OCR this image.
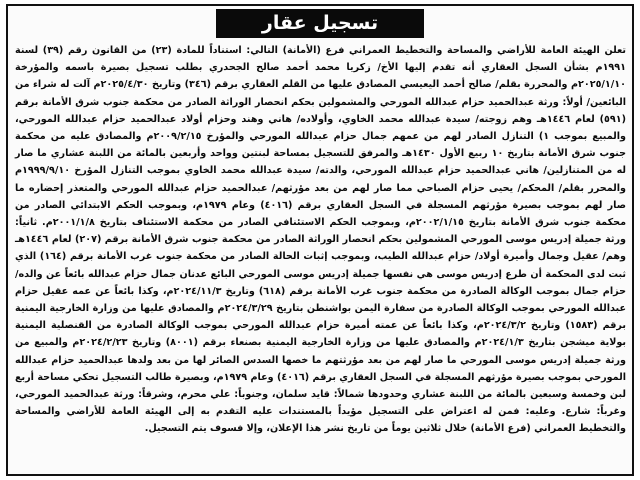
تسجيل عقار

تعلن الهيئة العامة للأراضي والمساحة والتخطيط العمراني فرع (الأمانة) التالي: استناداً للمادة (٢٣) من القانون رقم (٣٩) لسنة ١٩٩١م بشأن السجل العقاري أنه تقدم إليها الأخ/ زكريا محمد أحمد صالح الجحدري بطلب تسجيل بصيرة باسمه والمؤرخة ٢٠٢٥/١/١٠م والمحررة بقلم/ صالح أحمد اليعيسي المصادق عليها من القلم العقاري برقم (٣٤٦) وتاريخ ٢٠٢٥/٤/٣٠م آلت له شراء من البائعين/ أولاً: ورثة عبدالحميد حزام عبدالله المورحي والمشمولين بحكم انحصار الوراثة الصادر من محكمة جنوب شرق الأمانة برقم (٥٩١) لعام ١٤٤٦هـ وهم زوجته/ سيدة عبدالله محمد الخاوي، وأولاده/ هاني وهند وحزام أولاد عبدالحميد حزام عبدالله المورحي، والمبيع بموجب ١) التنازل الصادر لهم من عمهم جمال حزام عبدالله المورحي والمؤرخ ٢٠٠٩/٢/١٥م والمصادق عليه من محكمة جنوب شرق الأمانة بتاريخ ١٠ ربيع الأول ١٤٣٠هـ والمرفق للتسجيل بمساحة لبنتين وواحد وأربعين بالمائة من اللبنة عشاري ما صار له من المتنازلين/ هاني عبدالحميد حزام عبدالله المورحي، والدته/ سيدة عبدالله محمد الخاوي بموجب التنازل المؤرخ ١٩٩٩/٩/١٠م والمحرر بقلم/ المحكم/ يحيى حزام الصباحي مما صار لهم من بعد مؤرثهم/ عبدالحميد حزام عبدالله المورحي والمتعذر إحضاره ما صار لهم بموجب بصيرة مؤرثهم المسجلة في السجل العقاري برقم (٤٠١٦) وعام ١٩٧٩م، وبموجب الحكم الابتدائي الصادر من محكمة جنوب شرق الأمانة بتاريخ ٢٠٠٢/١/١٥م، وبموجب الحكم الاستئنافي الصادر من محكمة الاستئناف بتاريخ ٢٠٠١/١/٨م. ثانياً: ورثة جميلة إدريس موسى المورحي المشمولين بحكم انحصار الوراثة الصادر من محكمة جنوب شرق الأمانة برقم (٢٠٧) لعام ١٤٤٦هـ وهم/ عقيل وجمال وأميرة أولاد/ حزام عبدالله الطيب، وبموجب إثبات الحالة الصادر من محكمة جنوب غرب الأمانة برقم (١٦٤) الذي ثبت لدى المحكمة أن طرع إدريس موسى هي نفسها جميلة إدريس موسى المورحي البائع عدنان جمال حزام عبدالله بائعاً عن والده/ حزام جمال بموجب الوكالة الصادرة من محكمة جنوب غرب الأمانة برقم (٦١٨) وتاريخ ٢٠٢٤/١١/٣م، وكذا بائعاً عن عمه عقيل حزام عبدالله المورحي بموجب الوكالة الصادرة من سفارة اليمن بواشنطن بتاريخ ٢٠٢٤/٣/٢٩م والمصادق عليها من وزارة الخارجية اليمنية برقم (١٥٨٣) وتاريخ ٢٠٢٤/٣/٢م، وكذا بائعاً عن عمته أميرة حزام عبدالله المورحي بموجب الوكالة الصادرة من القنصلية اليمنية بولاية ميشجن بتاريخ ٢٠٢٤/١/٣م والمصادق عليها من وزارة الخارجية اليمنية بصنعاء برقم (٨٠٠١) وتاريخ ٢٠٢٤/٢/٢٣م والمبيع من ورثة جميلة إدريس موسى المورحي ما صار لهم من بعد مؤرثتهم ما خصها السدس الصائر لها من بعد ولدها عبدالحميد حزام عبدالله المورحي بموجب بصيرة مؤرثهم المسجلة في السجل العقاري برقم (٤٠١٦) وعام ١٩٧٩م، وبصيرة طالب التسجيل تحكي مساحة أربع لبن وخمسة وسبعين بالمائة من اللبنة عشاري وحدودها شمالاً: قايد سلمان، وجنوباً: علي محرم، وشرقاً: ورثة عبدالحميد المورحي، وغرباً: شارع. وعليه: فمن له اعتراض على التسجيل مؤيداً بالمستندات عليه التقدم به إلى الهيئة العامة للأراضي والمساحة والتخطيط العمراني (فرع الأمانة) خلال ثلاثين يوماً من تاريخ نشر هذا الإعلان، وإلا فسوف يتم التسجيل.
